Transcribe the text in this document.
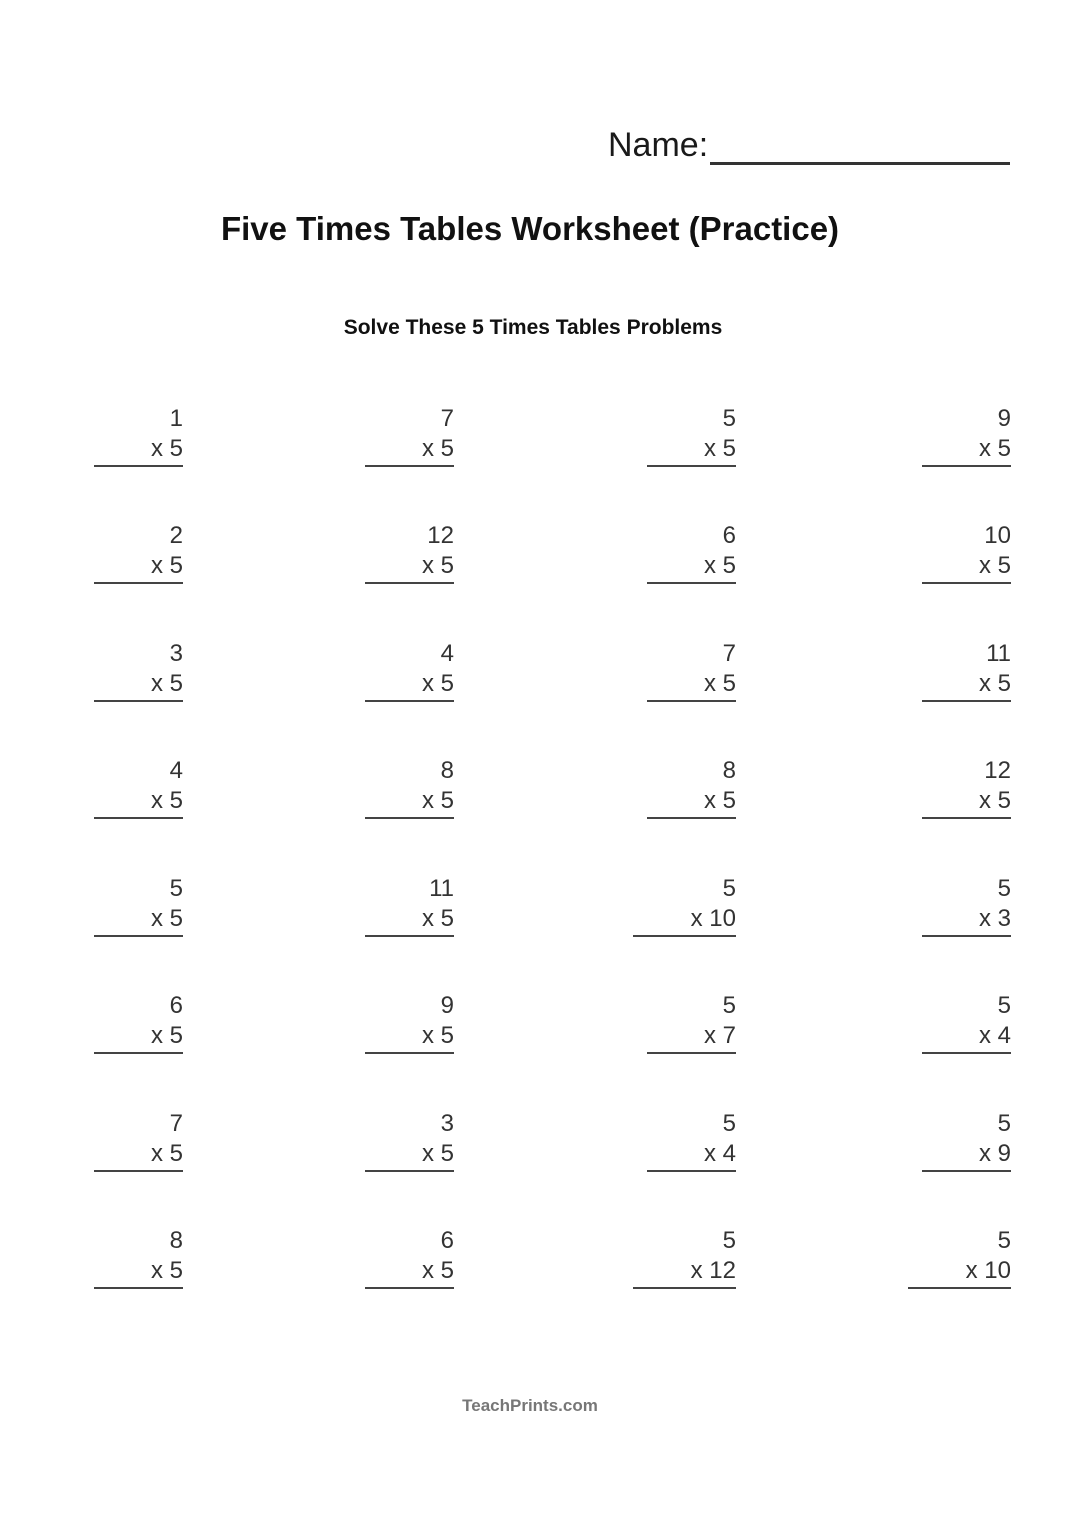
Name:
Five Times Tables Worksheet (Practice)
Solve These 5 Times Tables Problems
1
x 5
7
x 5
5
x 5
9
x 5
2
x 5
12
x 5
6
x 5
10
x 5
3
x 5
4
x 5
7
x 5
11
x 5
4
x 5
8
x 5
8
x 5
12
x 5
5
x 5
11
x 5
5
x 10
5
x 3
6
x 5
9
x 5
5
x 7
5
x 4
7
x 5
3
x 5
5
x 4
5
x 9
8
x 5
6
x 5
5
x 12
5
x 10
TeachPrints.com
